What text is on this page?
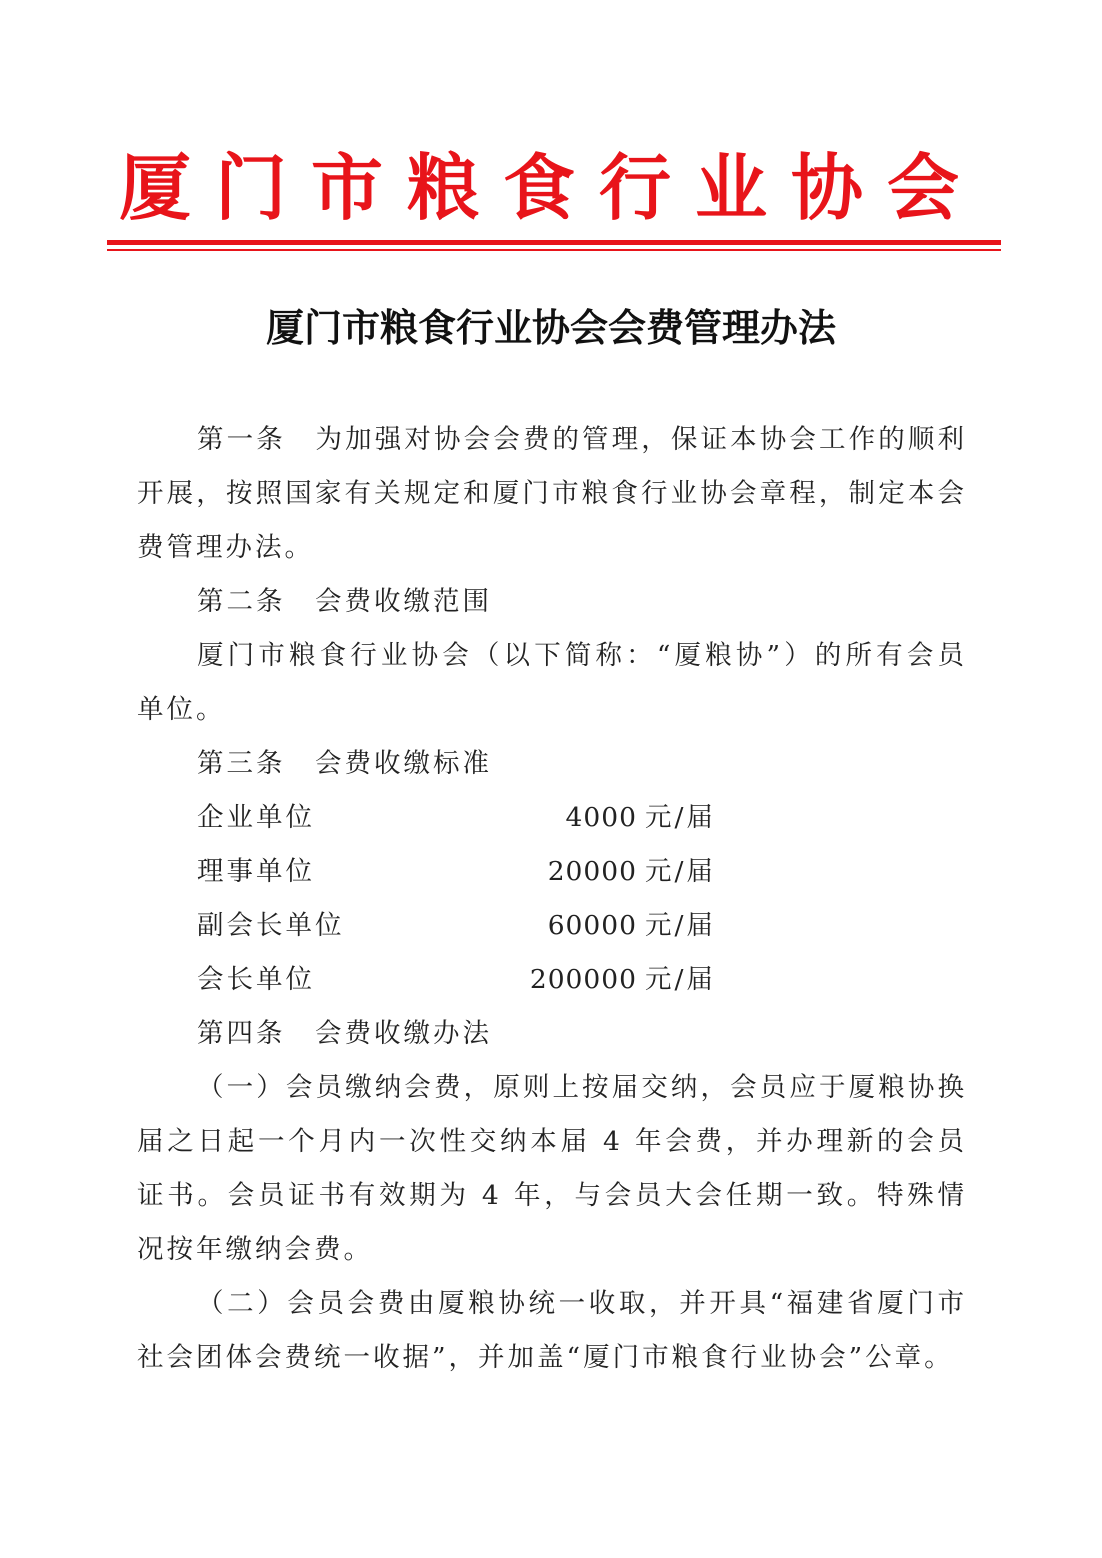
厦门市粮食行业协会
厦门市粮食行业协会会费管理办法

第一条　为加强对协会会费的管理，保证本协会工作的顺利开展，按照国家有关规定和厦门市粮食行业协会章程，制定本会费管理办法。

第二条　会费收缴范围

厦门市粮食行业协会（以下简称：“厦粮协”）的所有会员单位。

第三条　会费收缴标准

企业单位	4000 元/届
理事单位	20000 元/届
副会长单位	60000 元/届
会长单位	200000 元/届

第四条　会费收缴办法

（一）会员缴纳会费，原则上按届交纳，会员应于厦粮协换届之日起一个月内一次性交纳本届 4 年会费，并办理新的会员证书。会员证书有效期为 4 年，与会员大会任期一致。特殊情况按年缴纳会费。

（二）会员会费由厦粮协统一收取，并开具“福建省厦门市社会团体会费统一收据”，并加盖“厦门市粮食行业协会”公章。
